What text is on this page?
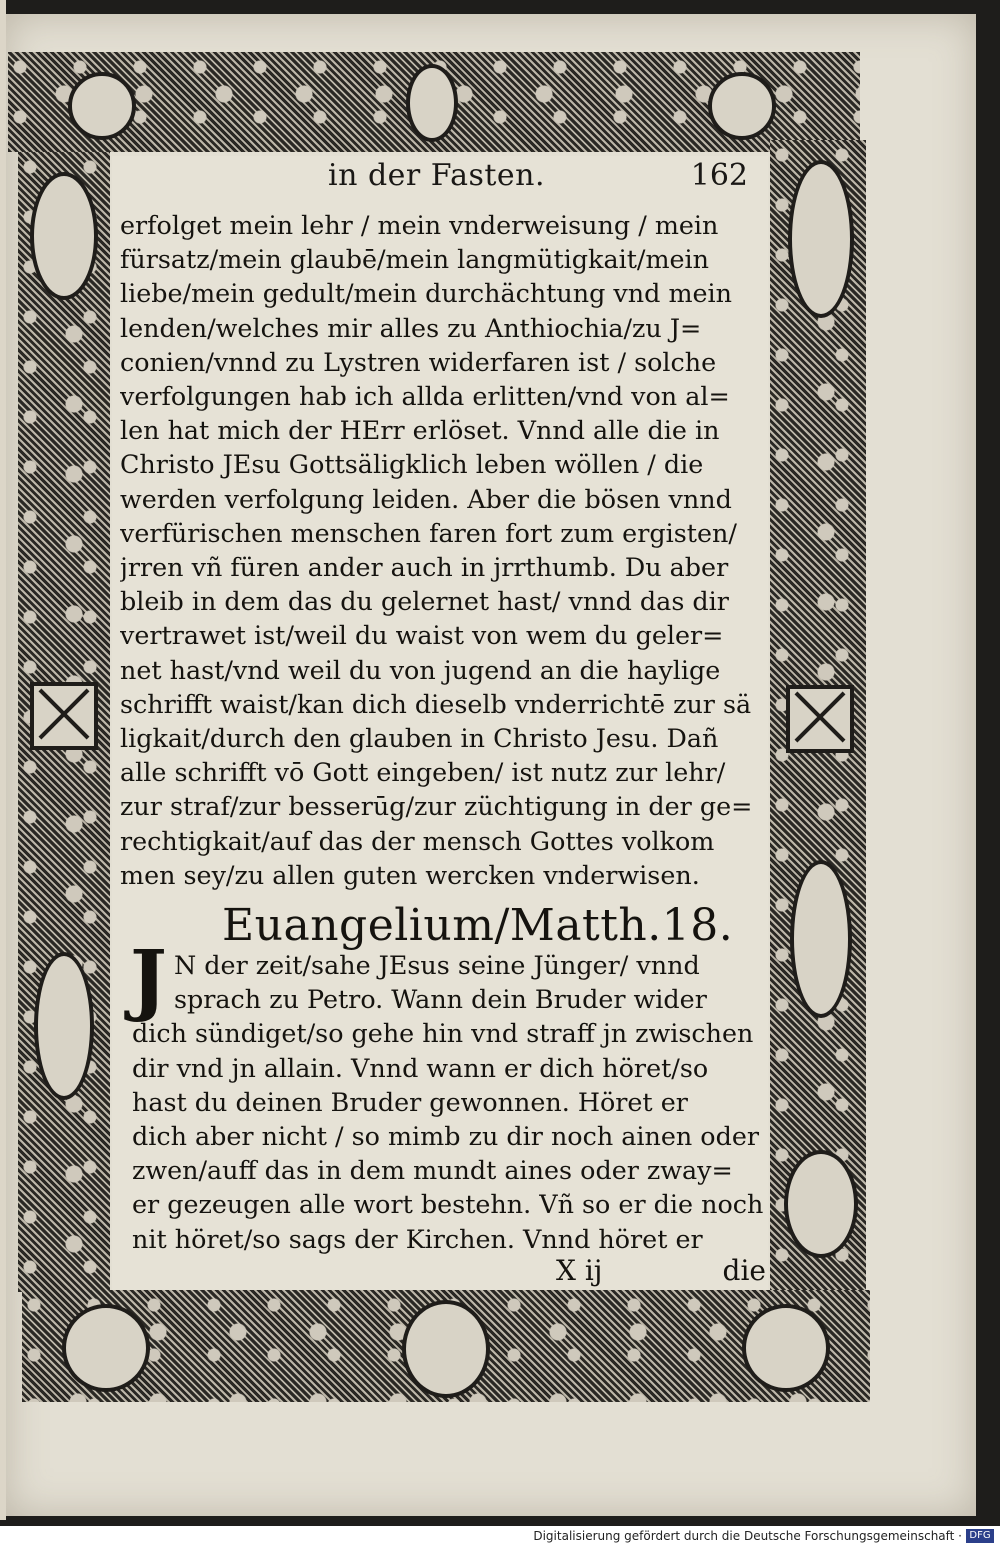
in der Fasten.	162
erfolget mein lehr / mein vnderweisung / mein
fürsatz/mein glaubē/mein langmütigkait/mein
liebe/mein gedult/mein durchächtung vnd mein
lenden/welches mir alles zu Anthiochia/zu J=
conien/vnnd zu Lystren widerfaren ist / solche
verfolgungen hab ich allda erlitten/vnd von al=
len hat mich der HErr erlöset. Vnnd alle die in
Christo JEsu Gottsäligklich leben wöllen / die
werden verfolgung leiden. Aber die bösen vnnd
verfürischen menschen faren fort zum ergisten/
jrren vñ füren ander auch in jrrthumb. Du aber
bleib in dem das du gelernet hast/ vnnd das dir
vertrawet ist/weil du waist von wem du geler=
net hast/vnd weil du von jugend an die haylige
schrifft waist/kan dich dieselb vnderrichtē zur sä
ligkait/durch den glauben in Christo Jesu. Dañ
alle schrifft vō Gott eingeben/ ist nutz zur lehr/
zur straf/zur besserūg/zur züchtigung in der ge=
rechtigkait/auf das der mensch Gottes volkom
men sey/zu allen guten wercken vnderwisen.
Euangelium/Matth.18.
J N der zeit/sahe JEsus seine Jünger/ vnnd
sprach zu Petro. Wann dein Bruder wider
dich sündiget/so gehe hin vnd straff jn zwischen
dir vnd jn allain. Vnnd wann er dich höret/so
hast du deinen Bruder gewonnen. Höret er
dich aber nicht / so mimb zu dir noch ainen oder
zwen/auff das in dem mundt aines oder zway=
er gezeugen alle wort bestehn. Vñ so er die noch
nit höret/so sags der Kirchen. Vnnd höret er
X ij	die
Digitalisierung gefördert durch die Deutsche Forschungsgemeinschaft · DFG
